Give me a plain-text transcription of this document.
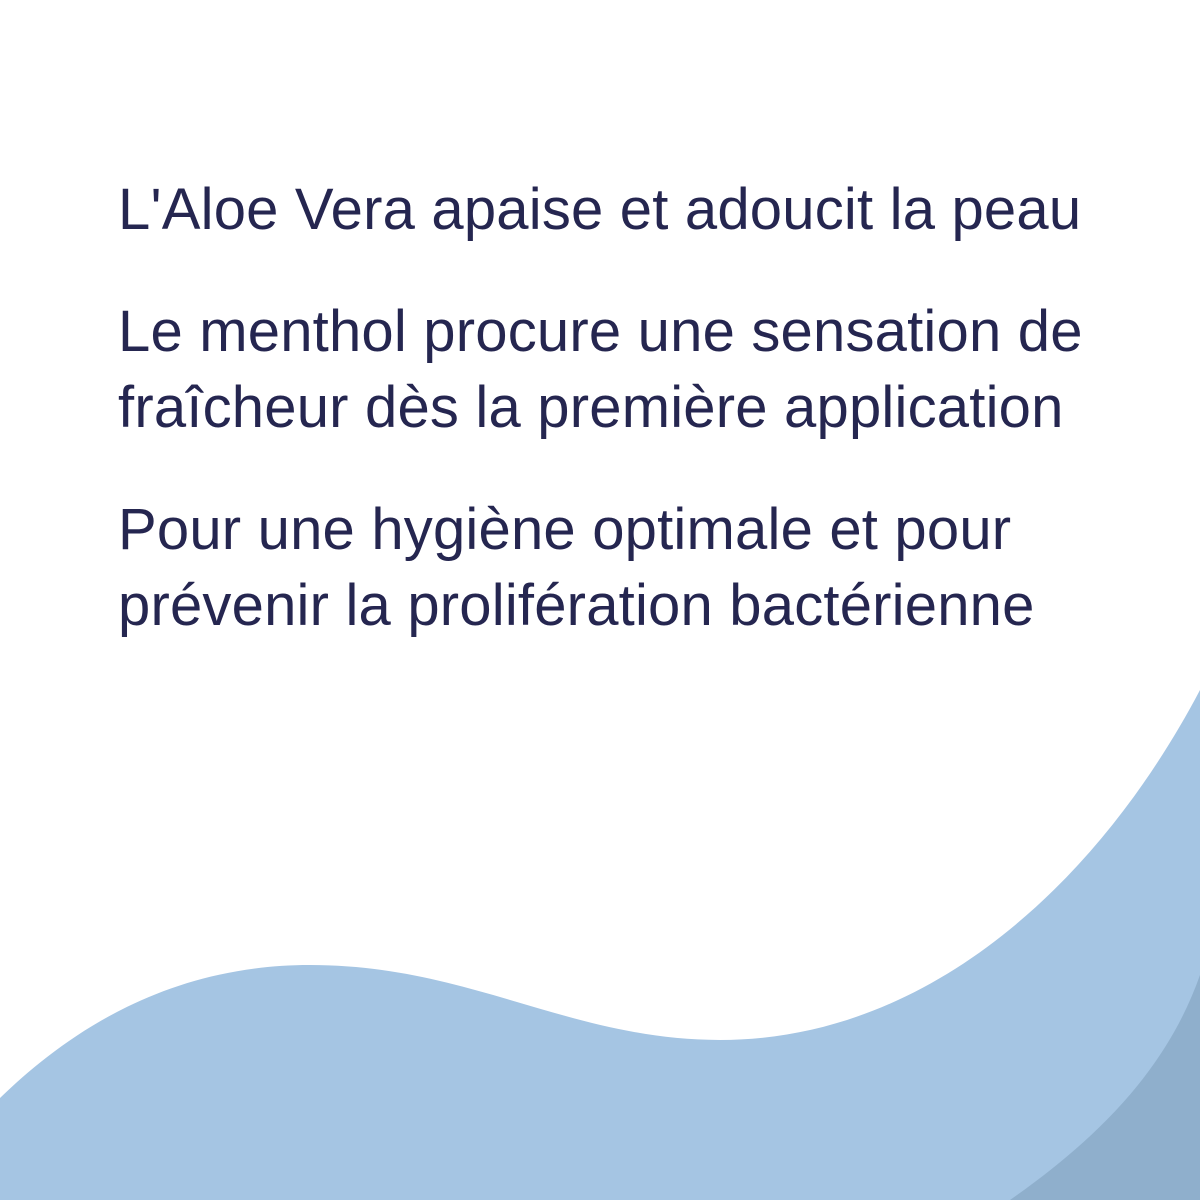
L'Aloe Vera apaise et adoucit la peau

Le menthol procure une sensation de fraîcheur dès la première application

Pour une hygiène optimale et pour prévenir la prolifération bactérienne
